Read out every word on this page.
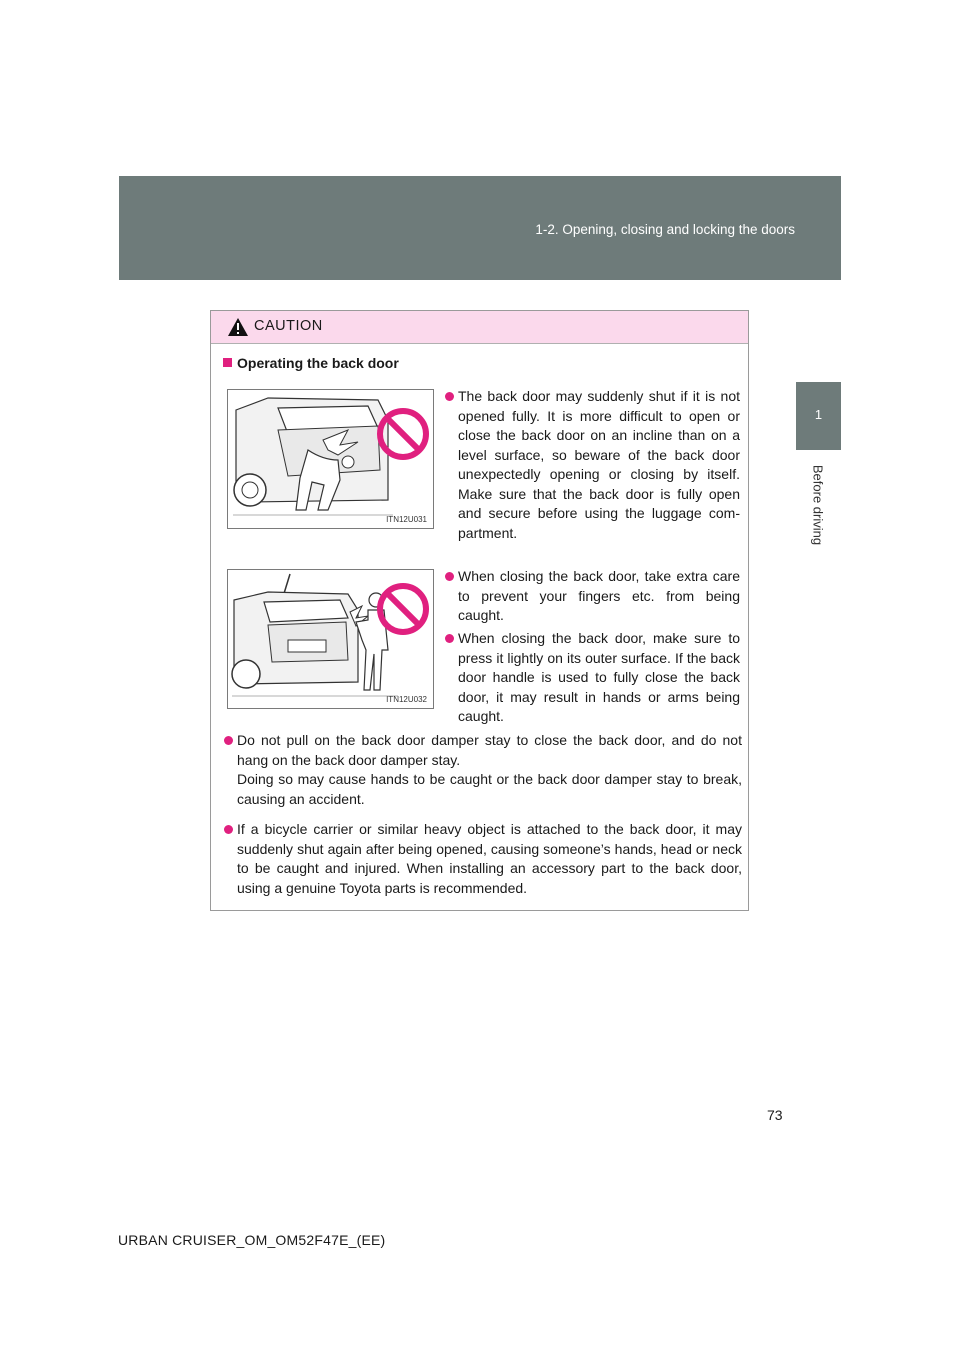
1-2. Opening, closing and locking the doors
1
Before driving
CAUTION
Operating the back door
ITN12U031
ITN12U032
The back door may suddenly shut if it is not opened fully. It is more difficult to open or close the back door on an incline than on a level surface, so beware of the back door unexpectedly opening or closing by itself. Make sure that the back door is fully open and secure before using the luggage com-partment.
When closing the back door, take extra care to prevent your fingers etc. from being caught.
When closing the back door, make sure to press it lightly on its outer surface. If the back door handle is used to fully close the back door, it may result in hands or arms being caught.
Do not pull on the back door damper stay to close the back door, and do not hang on the back door damper stay.
Doing so may cause hands to be caught or the back door damper stay to break, causing an accident.
If a bicycle carrier or similar heavy object is attached to the back door, it may suddenly shut again after being opened, causing someone’s hands, head or neck to be caught and injured. When installing an accessory part to the back door, using a genuine Toyota parts is recommended.
73
URBAN CRUISER_OM_OM52F47E_(EE)
